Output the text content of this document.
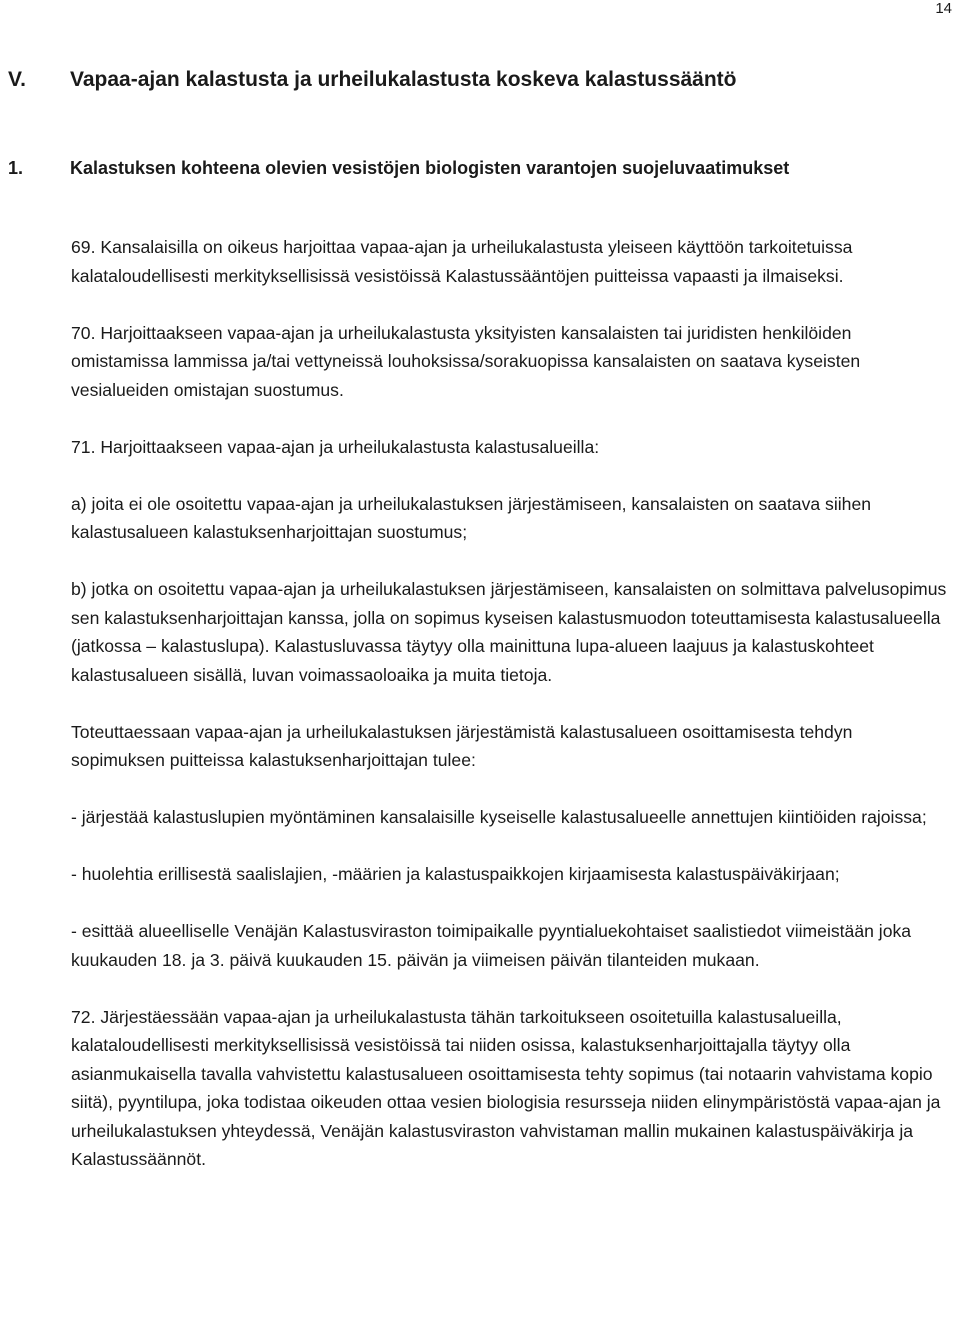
14
V. Vapaa-ajan kalastusta ja urheilukalastusta koskeva kalastussääntö
1.	Kalastuksen kohteena olevien vesistöjen biologisten varantojen suojeluvaatimukset

69. Kansalaisilla on oikeus harjoittaa vapaa-ajan ja urheilukalastusta yleiseen käyttöön tarkoitetuissa kalataloudellisesti merkityksellisissä vesistöissä Kalastussääntöjen puitteissa vapaasti ja ilmaiseksi.

70. Harjoittaakseen vapaa-ajan ja urheilukalastusta yksityisten kansalaisten tai juridisten henkilöiden omistamissa lammissa ja/tai vettyneissä louhoksissa/sorakuopissa kansalaisten on saatava kyseisten vesialueiden omistajan suostumus.

71. Harjoittaakseen vapaa-ajan ja urheilukalastusta kalastusalueilla:

a) joita ei ole osoitettu vapaa-ajan ja urheilukalastuksen järjestämiseen, kansalaisten on saatava siihen kalastusalueen kalastuksenharjoittajan suostumus;

b) jotka on osoitettu vapaa-ajan ja urheilukalastuksen järjestämiseen, kansalaisten on solmittava palvelusopimus sen kalastuksenharjoittajan kanssa, jolla on sopimus kyseisen kalastusmuodon toteuttamisesta kalastusalueella (jatkossa – kalastuslupa). Kalastusluvassa täytyy olla mainittuna lupa-alueen laajuus ja kalastuskohteet kalastusalueen sisällä, luvan voimassaoloaika ja muita tietoja.

Toteuttaessaan vapaa-ajan ja urheilukalastuksen järjestämistä kalastusalueen osoittamisesta tehdyn sopimuksen puitteissa kalastuksenharjoittajan tulee:

- järjestää kalastuslupien myöntäminen kansalaisille kyseiselle kalastusalueelle annettujen kiintiöiden rajoissa;

- huolehtia erillisestä saalislajien, -määrien ja kalastuspaikkojen kirjaamisesta kalastuspäiväkirjaan;

- esittää alueelliselle Venäjän Kalastusviraston toimipaikalle pyyntialuekohtaiset saalistiedot viimeistään joka kuukauden 18. ja 3. päivä kuukauden 15. päivän ja viimeisen päivän tilanteiden mukaan.

72. Järjestäessään vapaa-ajan ja urheilukalastusta tähän tarkoitukseen osoitetuilla kalastusalueilla, kalataloudellisesti merkityksellisissä vesistöissä tai niiden osissa, kalastuksenharjoittajalla täytyy olla asianmukaisella tavalla vahvistettu kalastusalueen osoittamisesta tehty sopimus (tai notaarin vahvistama kopio siitä), pyyntilupa, joka todistaa oikeuden ottaa vesien biologisia resursseja niiden elinympäristöstä vapaa-ajan ja urheilukalastuksen yhteydessä, Venäjän kalastusviraston vahvistaman mallin mukainen kalastuspäiväkirja ja Kalastussäännöt.
